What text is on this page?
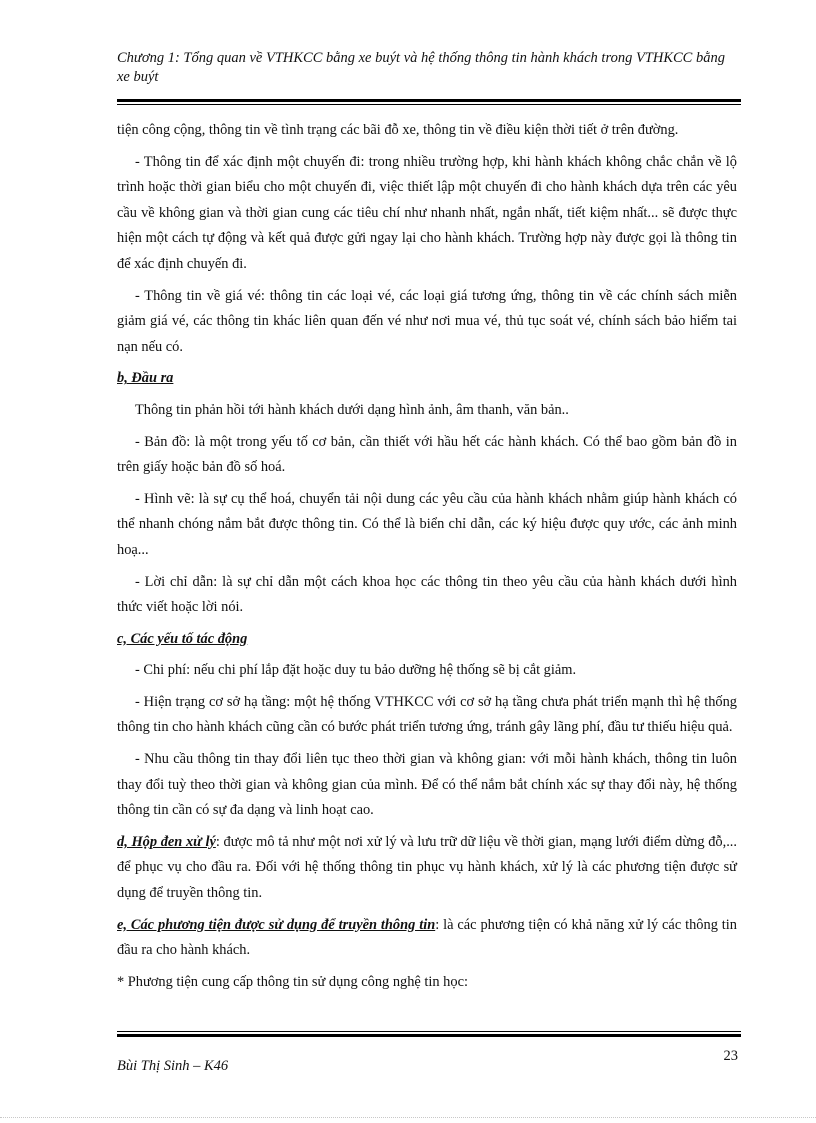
Chương 1: Tổng quan về VTHKCC bằng xe buýt và hệ thống thông tin hành khách trong VTHKCC bằng xe buýt

tiện công cộng, thông tin về tình trạng các bãi đỗ xe, thông tin về điều kiện thời tiết ở trên đường.

- Thông tin để xác định một chuyến đi: trong nhiều trường hợp, khi hành khách không chắc chắn về lộ trình hoặc thời gian biểu cho một chuyến đi, việc thiết lập một chuyến đi cho hành khách dựa trên các yêu cầu về không gian và thời gian cung các tiêu chí như nhanh nhất, ngắn nhất, tiết kiệm nhất... sẽ được thực hiện một cách tự động và kết quả được gửi ngay lại cho hành khách. Trường hợp này được gọi là thông tin để xác định chuyến đi.

- Thông tin về giá vé: thông tin các loại vé, các loại giá tương ứng, thông tin về các chính sách miễn giảm giá vé, các thông tin khác liên quan đến vé như nơi mua vé, thủ tục soát vé, chính sách bảo hiểm tai nạn nếu có.

b, Đầu ra

Thông tin phản hồi tới hành khách dưới dạng hình ảnh, âm thanh, văn bản..

- Bản đồ: là một trong yếu tố cơ bản, cần thiết với hầu hết các hành khách. Có thể bao gồm bản đồ in trên giấy hoặc bản đồ số hoá.

- Hình vẽ: là sự cụ thể hoá, chuyển tải nội dung các yêu cầu của hành khách nhằm giúp hành khách có thể nhanh chóng nắm bắt được thông tin. Có thể là biển chỉ dẫn, các ký hiệu được quy ước, các ảnh minh hoạ...

- Lời chỉ dẫn: là sự chỉ dẫn một cách khoa học các thông tin theo yêu cầu của hành khách dưới hình thức viết hoặc lời nói.

c, Các yếu tố tác động

- Chi phí: nếu chi phí lắp đặt hoặc duy tu bảo dưỡng hệ thống sẽ bị cắt giảm.

- Hiện trạng cơ sở hạ tầng: một hệ thống VTHKCC với cơ sở hạ tầng chưa phát triển mạnh thì hệ thống thông tin cho hành khách cũng cần có bước phát triển tương ứng, tránh gây lãng phí, đầu tư thiếu hiệu quả.

- Nhu cầu thông tin thay đổi liên tục theo thời gian và không gian: với mỗi hành khách, thông tin luôn thay đổi tuỳ theo thời gian và không gian của mình. Để có thể nắm bắt chính xác sự thay đổi này, hệ thống thông tin cần có sự đa dạng và linh hoạt cao.

d, Hộp đen xử lý: được mô tả như một nơi xử lý và lưu trữ dữ liệu về thời gian, mạng lưới điểm dừng đỗ,... để phục vụ cho đầu ra. Đối với hệ thống thông tin phục vụ hành khách, xử lý là các phương tiện được sử dụng để truyền thông tin.

e, Các phương tiện được sử dụng để truyền thông tin: là các phương tiện có khả năng xử lý các thông tin đầu ra cho hành khách.

* Phương tiện cung cấp thông tin sử dụng công nghệ tin học:

Bùi Thị Sinh – K46
23
